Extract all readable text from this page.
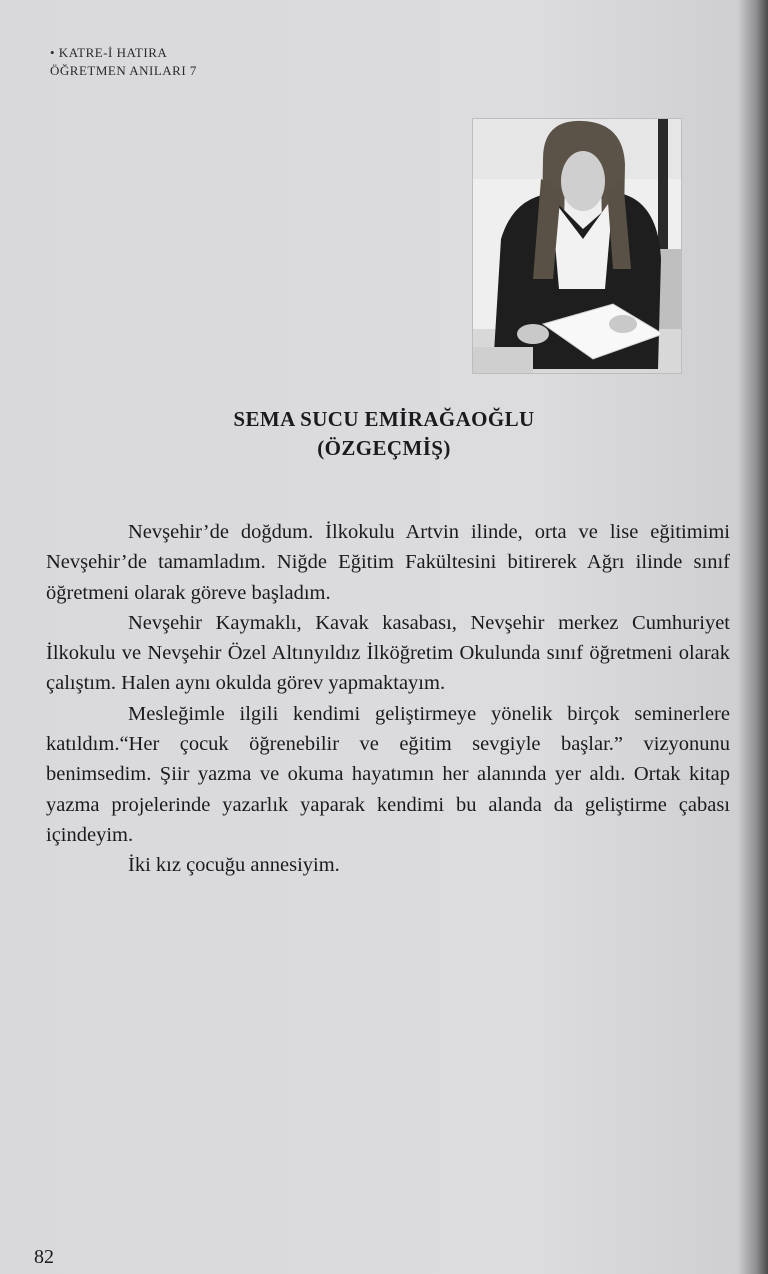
• KATRE-İ HATIRA
ÖĞRETMEN ANILARI 7
SEMA SUCU EMİRAĞAOĞLU
(ÖZGEÇMİŞ)

Nevşehir’de doğdum. İlkokulu Artvin ilinde, orta ve lise eğitimimi Nevşehir’de tamamladım. Niğde Eğitim Fakültesini bitirerek Ağrı ilinde sınıf öğretmeni olarak göreve başladım.

Nevşehir Kaymaklı, Kavak kasabası, Nevşehir merkez Cumhuriyet İlkokulu ve Nevşehir Özel Altınyıldız İlköğretim Okulunda sınıf öğretmeni olarak çalıştım. Halen aynı okulda görev yapmaktayım.

Mesleğimle ilgili kendimi geliştirmeye yönelik birçok seminerlere katıldım.“Her çocuk öğrenebilir ve eğitim sevgiyle başlar.” vizyonunu benimsedim. Şiir yazma ve okuma hayatımın her alanında yer aldı. Ortak kitap yazma projelerinde yazarlık yaparak kendimi bu alanda da geliştirme çabası içindeyim.

İki kız çocuğu annesiyim.

82
